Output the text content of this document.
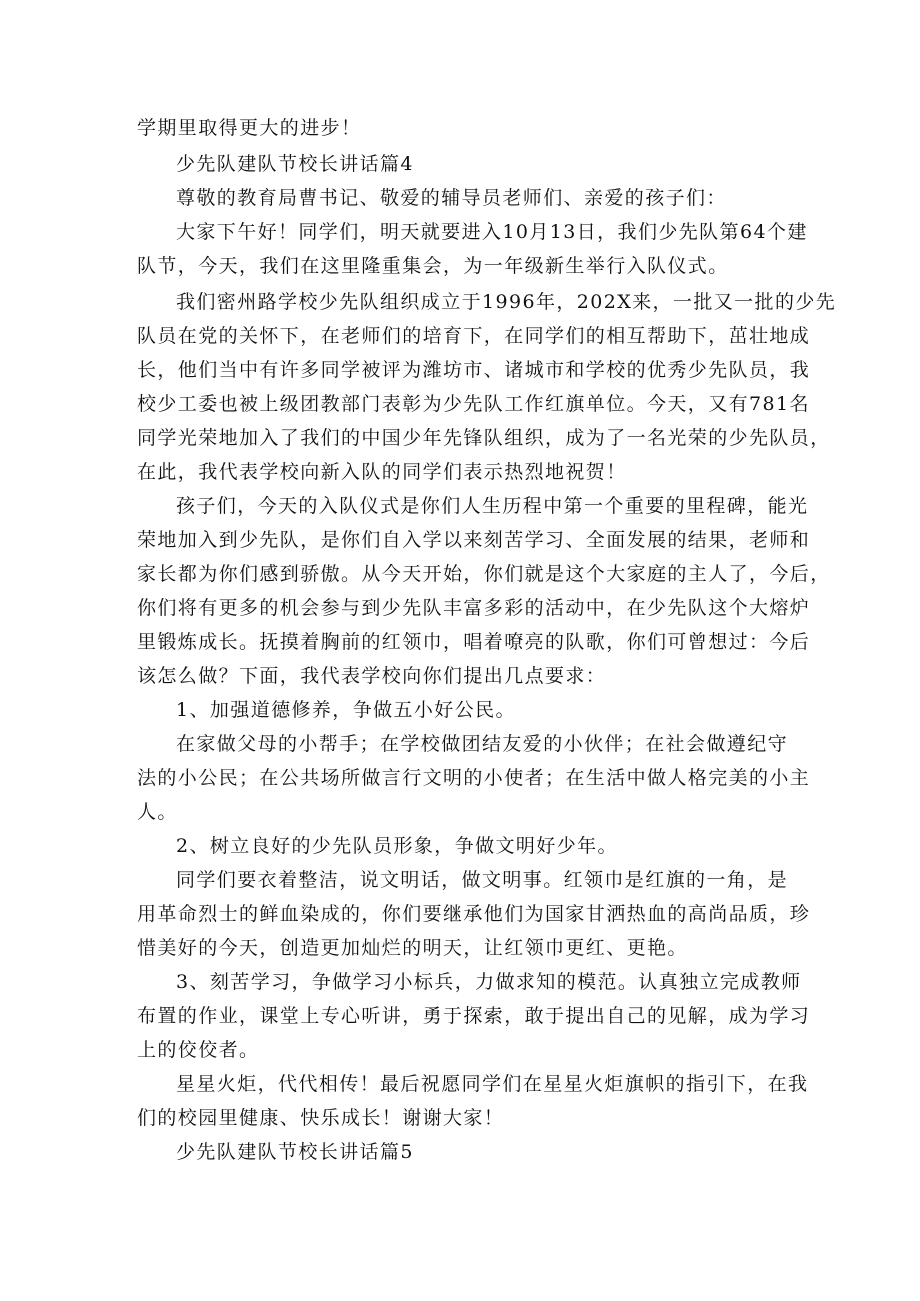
学期里取得更大的进步！
少先队建队节校长讲话篇4
尊敬的教育局曹书记、敬爱的辅导员老师们、亲爱的孩子们：
大家下午好！同学们，明天就要进入10月13日，我们少先队第64个建
队节，今天，我们在这里隆重集会，为一年级新生举行入队仪式。
我们密州路学校少先队组织成立于1996年，202X来，一批又一批的少先
队员在党的关怀下，在老师们的培育下，在同学们的相互帮助下，茁壮地成
长，他们当中有许多同学被评为潍坊市、诸城市和学校的优秀少先队员，我
校少工委也被上级团教部门表彰为少先队工作红旗单位。今天，又有781名
同学光荣地加入了我们的中国少年先锋队组织，成为了一名光荣的少先队员，
在此，我代表学校向新入队的同学们表示热烈地祝贺！
孩子们，今天的入队仪式是你们人生历程中第一个重要的里程碑，能光
荣地加入到少先队，是你们自入学以来刻苦学习、全面发展的结果，老师和
家长都为你们感到骄傲。从今天开始，你们就是这个大家庭的主人了，今后，
你们将有更多的机会参与到少先队丰富多彩的活动中，在少先队这个大熔炉
里锻炼成长。抚摸着胸前的红领巾，唱着嘹亮的队歌，你们可曾想过：今后
该怎么做？下面，我代表学校向你们提出几点要求：
1、加强道德修养，争做五小好公民。
在家做父母的小帮手；在学校做团结友爱的小伙伴；在社会做遵纪守
法的小公民；在公共场所做言行文明的小使者；在生活中做人格完美的小主
人。
2、树立良好的少先队员形象，争做文明好少年。
同学们要衣着整洁，说文明话，做文明事。红领巾是红旗的一角，是
用革命烈士的鲜血染成的，你们要继承他们为国家甘洒热血的高尚品质，珍
惜美好的今天，创造更加灿烂的明天，让红领巾更红、更艳。
3、刻苦学习，争做学习小标兵，力做求知的模范。认真独立完成教师
布置的作业，课堂上专心听讲，勇于探索，敢于提出自己的见解，成为学习
上的佼佼者。
星星火炬，代代相传！最后祝愿同学们在星星火炬旗帜的指引下，在我
们的校园里健康、快乐成长！谢谢大家！
少先队建队节校长讲话篇5
